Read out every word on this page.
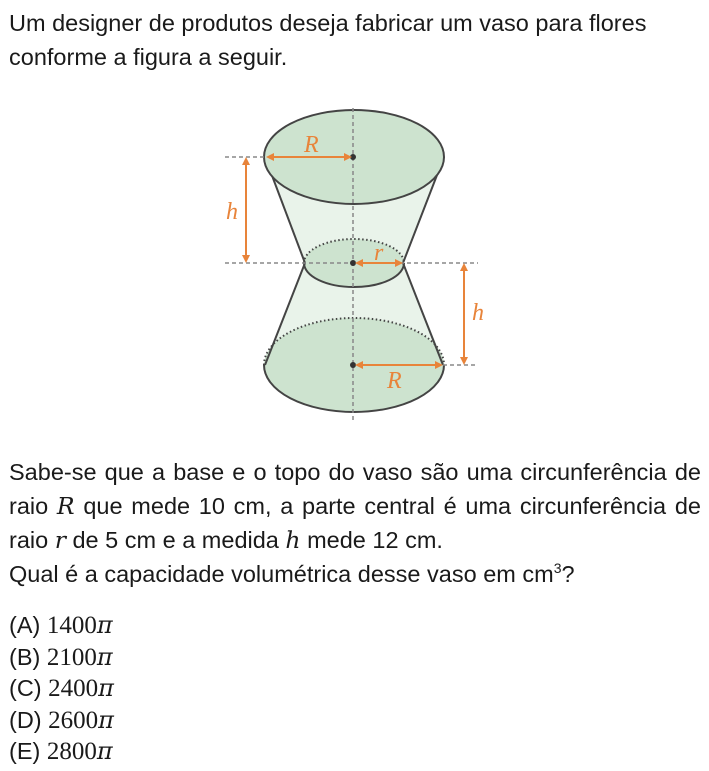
Um designer de produtos deseja fabricar um vaso para flores conforme a figura a seguir.

R
h
r
h
R

Sabe-se que a base e o topo do vaso são uma circunferência de raio R que mede 10 cm, a parte central é uma circunferência de raio r de 5 cm e a medida h mede 12 cm.
Qual é a capacidade volumétrica desse vaso em $cm^3$?

(A) 1400π
(B) 2100π
(C) 2400π
(D) 2600π
(E) 2800π
